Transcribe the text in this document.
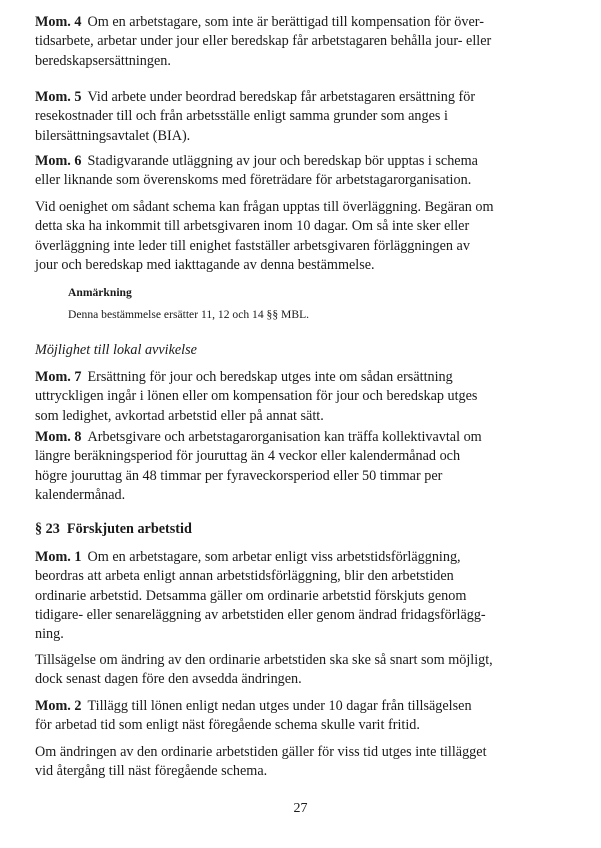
Mom. 4 Om en arbetstagare, som inte är berättigad till kompensation för över-
tidsarbete, arbetar under jour eller beredskap får arbetstagaren behålla jour- eller
beredskapsersättningen.
Mom. 5 Vid arbete under beordrad beredskap får arbetstagaren ersättning för
resekostnader till och från arbetsställe enligt samma grunder som anges i
bilersättningsavtalet (BIA).
Mom. 6 Stadigvarande utläggning av jour och beredskap bör upptas i schema
eller liknande som överenskoms med företrädare för arbetstagarorganisation.
Vid oenighet om sådant schema kan frågan upptas till överläggning. Begäran om
detta ska ha inkommit till arbetsgivaren inom 10 dagar. Om så inte sker eller
överläggning inte leder till enighet fastställer arbetsgivaren förläggningen av
jour och beredskap med iakttagande av denna bestämmelse.
Anmärkning
Denna bestämmelse ersätter 11, 12 och 14 §§ MBL.
Möjlighet till lokal avvikelse
Mom. 7 Ersättning för jour och beredskap utges inte om sådan ersättning
uttryckligen ingår i lönen eller om kompensation för jour och beredskap utges
som ledighet, avkortad arbetstid eller på annat sätt.
Mom. 8 Arbetsgivare och arbetstagarorganisation kan träffa kollektivavtal om
längre beräkningsperiod för jouruttag än 4 veckor eller kalendermånad och
högre jouruttag än 48 timmar per fyraveckorsperiod eller 50 timmar per
kalendermånad.
§ 23  Förskjuten arbetstid
Mom. 1 Om en arbetstagare, som arbetar enligt viss arbetstidsförläggning,
beordras att arbeta enligt annan arbetstidsförläggning, blir den arbetstiden
ordinarie arbetstid. Detsamma gäller om ordinarie arbetstid förskjuts genom
tidigare- eller senareläggning av arbetstiden eller genom ändrad fridagsförlägg-
ning.
Tillsägelse om ändring av den ordinarie arbetstiden ska ske så snart som möjligt,
dock senast dagen före den avsedda ändringen.
Mom. 2 Tillägg till lönen enligt nedan utges under 10 dagar från tillsägelsen
för arbetad tid som enligt näst föregående schema skulle varit fritid.
Om ändringen av den ordinarie arbetstiden gäller för viss tid utges inte tillägget
vid återgång till näst föregående schema.
27
